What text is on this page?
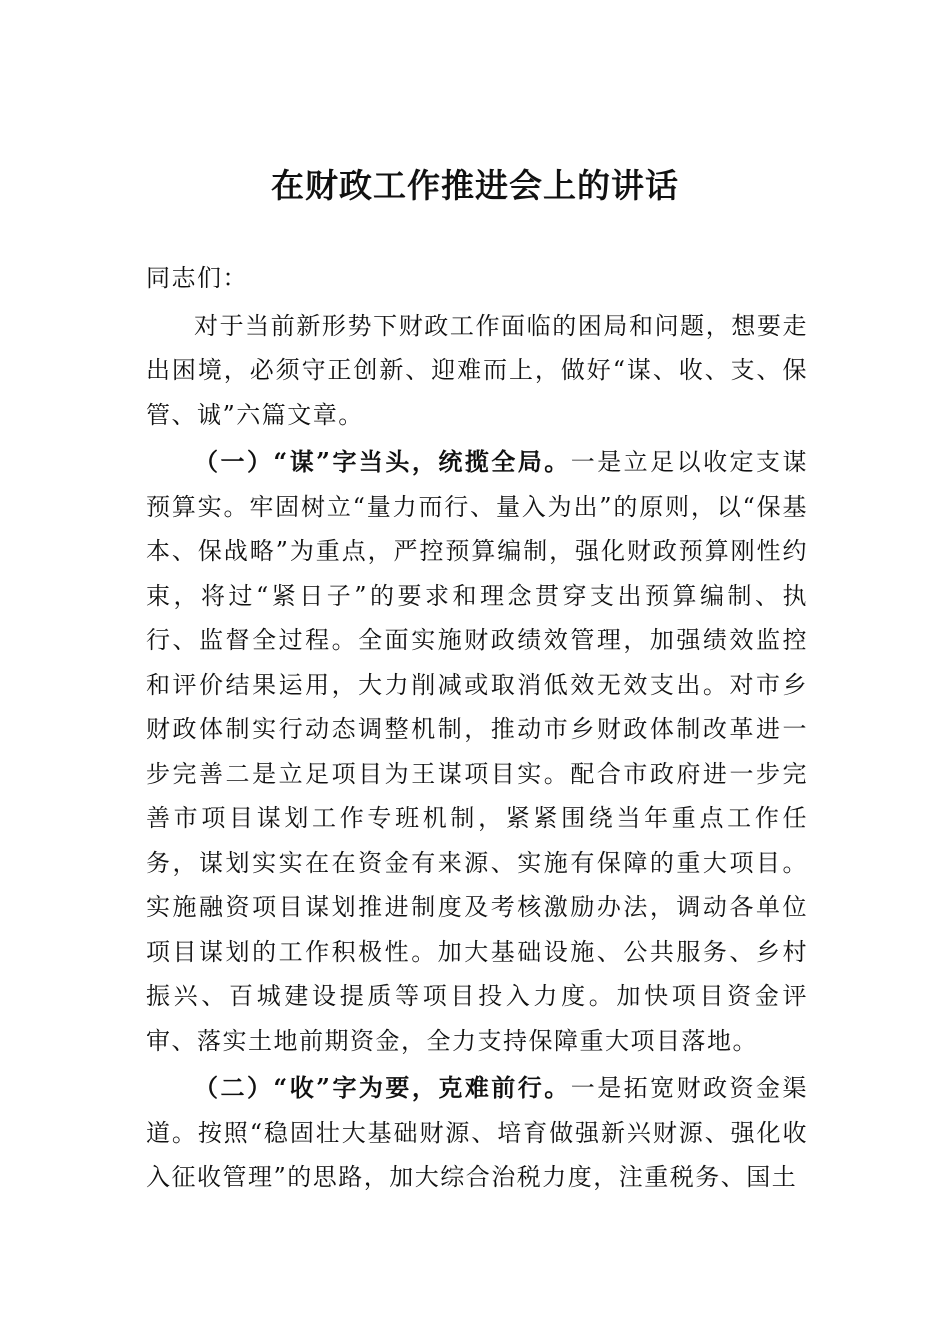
在财政工作推进会上的讲话

同志们：

对于当前新形势下财政工作面临的困局和问题，想要走出困境，必须守正创新、迎难而上，做好“谋、收、支、保管、诚”六篇文章。

（一）“谋”字当头，统揽全局。一是立足以收定支谋预算实。牢固树立“量力而行、量入为出”的原则，以“保基本、保战略”为重点，严控预算编制，强化财政预算刚性约束，将过“紧日子”的要求和理念贯穿支出预算编制、执行、监督全过程。全面实施财政绩效管理，加强绩效监控和评价结果运用，大力削减或取消低效无效支出。对市乡财政体制实行动态调整机制，推动市乡财政体制改革进一步完善二是立足项目为王谋项目实。配合市政府进一步完善市项目谋划工作专班机制，紧紧围绕当年重点工作任务，谋划实实在在资金有来源、实施有保障的重大项目。实施融资项目谋划推进制度及考核激励办法，调动各单位项目谋划的工作积极性。加大基础设施、公共服务、乡村振兴、百城建设提质等项目投入力度。加快项目资金评审、落实土地前期资金，全力支持保障重大项目落地。

（二）“收”字为要，克难前行。一是拓宽财政资金渠道。按照“稳固壮大基础财源、培育做强新兴财源、强化收入征收管理”的思路，加大综合治税力度，注重税务、国土
